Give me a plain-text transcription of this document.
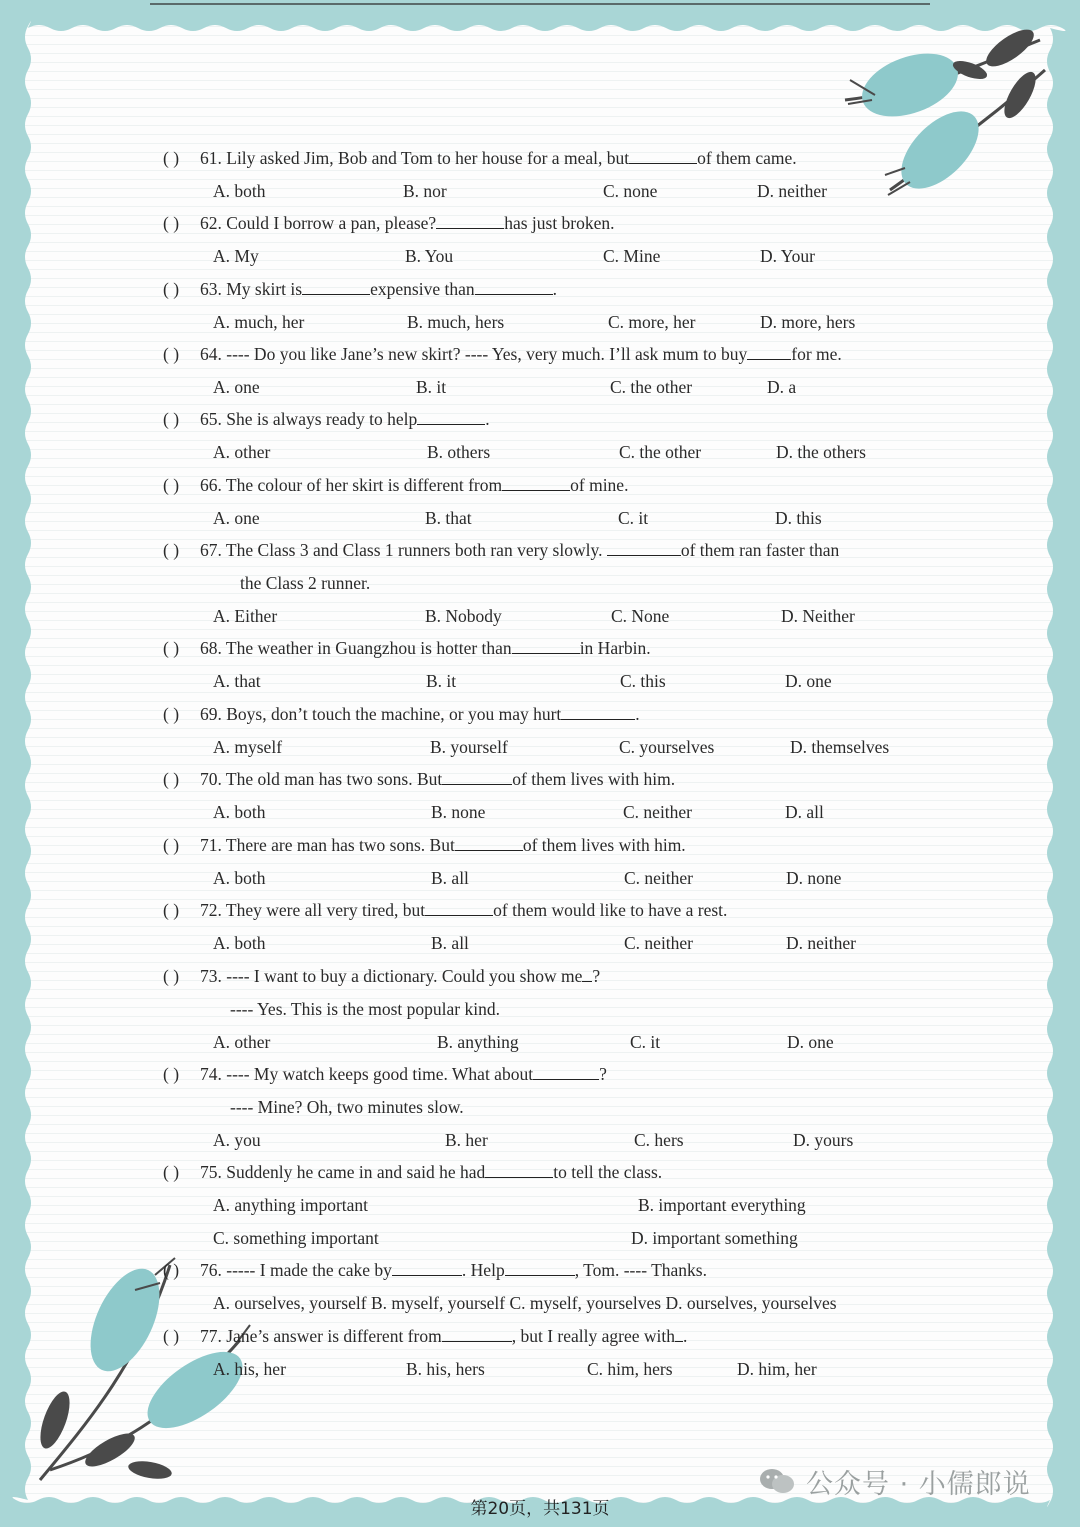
( ) 61. Lily asked Jim, Bob and Tom to her house for a meal, but	of them came.
A. both	B. nor	C. none	D. neither
( ) 62. Could I borrow a pan, please?	has just broken.
A. My	B. You	C. Mine	D. Your
( ) 63. My skirt is	expensive than	.
A. much, her	B. much, hers	C. more, her	D. more, hers
( ) 64. ---- Do you like Jane’s new skirt? ---- Yes, very much. I’ll ask mum to buy	for me.
A. one	B. it	C. the other	D. a
( ) 65. She is always ready to help	.
A. other	B. others	C. the other	D. the others
( ) 66. The colour of her skirt is different from	of mine.
A. one	B. that	C. it	D. this
( ) 67. The Class 3 and Class 1 runners both ran very slowly.	of them ran faster than
the Class 2 runner.
A. Either	B. Nobody	C. None	D. Neither
( ) 68. The weather in Guangzhou is hotter than	in Harbin.
A. that	B. it	C. this	D. one
( ) 69. Boys, don’t touch the machine, or you may hurt	.
A. myself	B. yourself	C. yourselves	D. themselves
( ) 70. The old man has two sons. But	of them lives with him.
A. both	B. none	C. neither	D. all
( ) 71. There are man has two sons. But	of them lives with him.
A. both	B. all	C. neither	D. none
( ) 72. They were all very tired, but	of them would like to have a rest.
A. both	B. all	C. neither	D. neither
( ) 73. ---- I want to buy a dictionary. Could you show me ?
---- Yes. This is the most popular kind.
A. other	B. anything	C. it	D. one
( ) 74. ---- My watch keeps good time. What about	?
---- Mine? Oh, two minutes slow.
A. you	B. her	C. hers	D. yours
( ) 75. Suddenly he came in and said he had	to tell the class.
A. anything important	B. important everything
C. something important	D. important something
( ) 76. ----- I made the cake by	. Help	, Tom. ---- Thanks.
A. ourselves, yourself B. myself, yourself C. myself, yourselves D. ourselves, yourselves
( ) 77. Jane’s answer is different from	, but I really agree with .
A. his, her	B. his, hers	C. him, hers	D. him, her
公众号 · 小儒郎说
第20页，共131页
